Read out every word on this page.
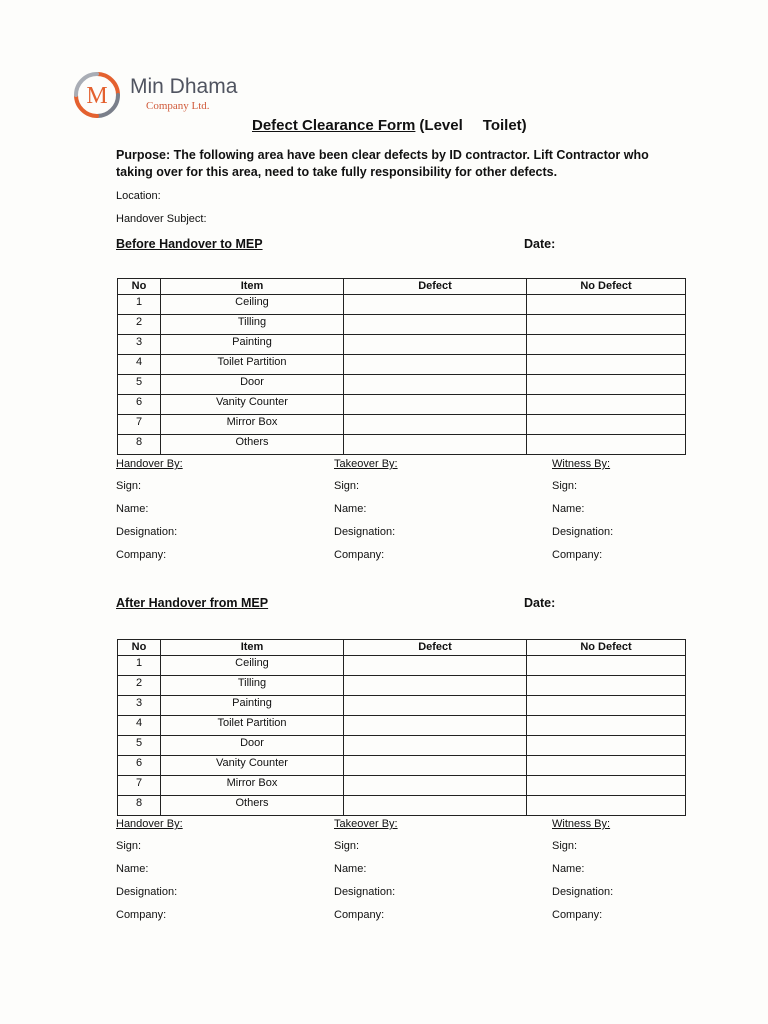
M Min Dhama
Company Ltd.
Defect Clearance Form (Level Toilet)
Purpose: The following area have been clear defects by ID contractor. Lift Contractor who taking over for this area, need to take fully responsibility for other defects.
Location:
Handover Subject:
Before Handover to MEP	Date:
No	Item	Defect	No Defect
1	Ceiling		
2	Tilling		
3	Painting		
4	Toilet Partition		
5	Door		
6	Vanity Counter		
7	Mirror Box		
8	Others		
Handover By:
Sign:
Name:
Designation:
Company:
Takeover By:
Sign:
Name:
Designation:
Company:
Witness By:
Sign:
Name:
Designation:
Company:
After Handover from MEP	Date:
No	Item	Defect	No Defect
1	Ceiling		
2	Tilling		
3	Painting		
4	Toilet Partition		
5	Door		
6	Vanity Counter		
7	Mirror Box		
8	Others		
Handover By:
Sign:
Name:
Designation:
Company:
Takeover By:
Sign:
Name:
Designation:
Company:
Witness By:
Sign:
Name:
Designation:
Company:
